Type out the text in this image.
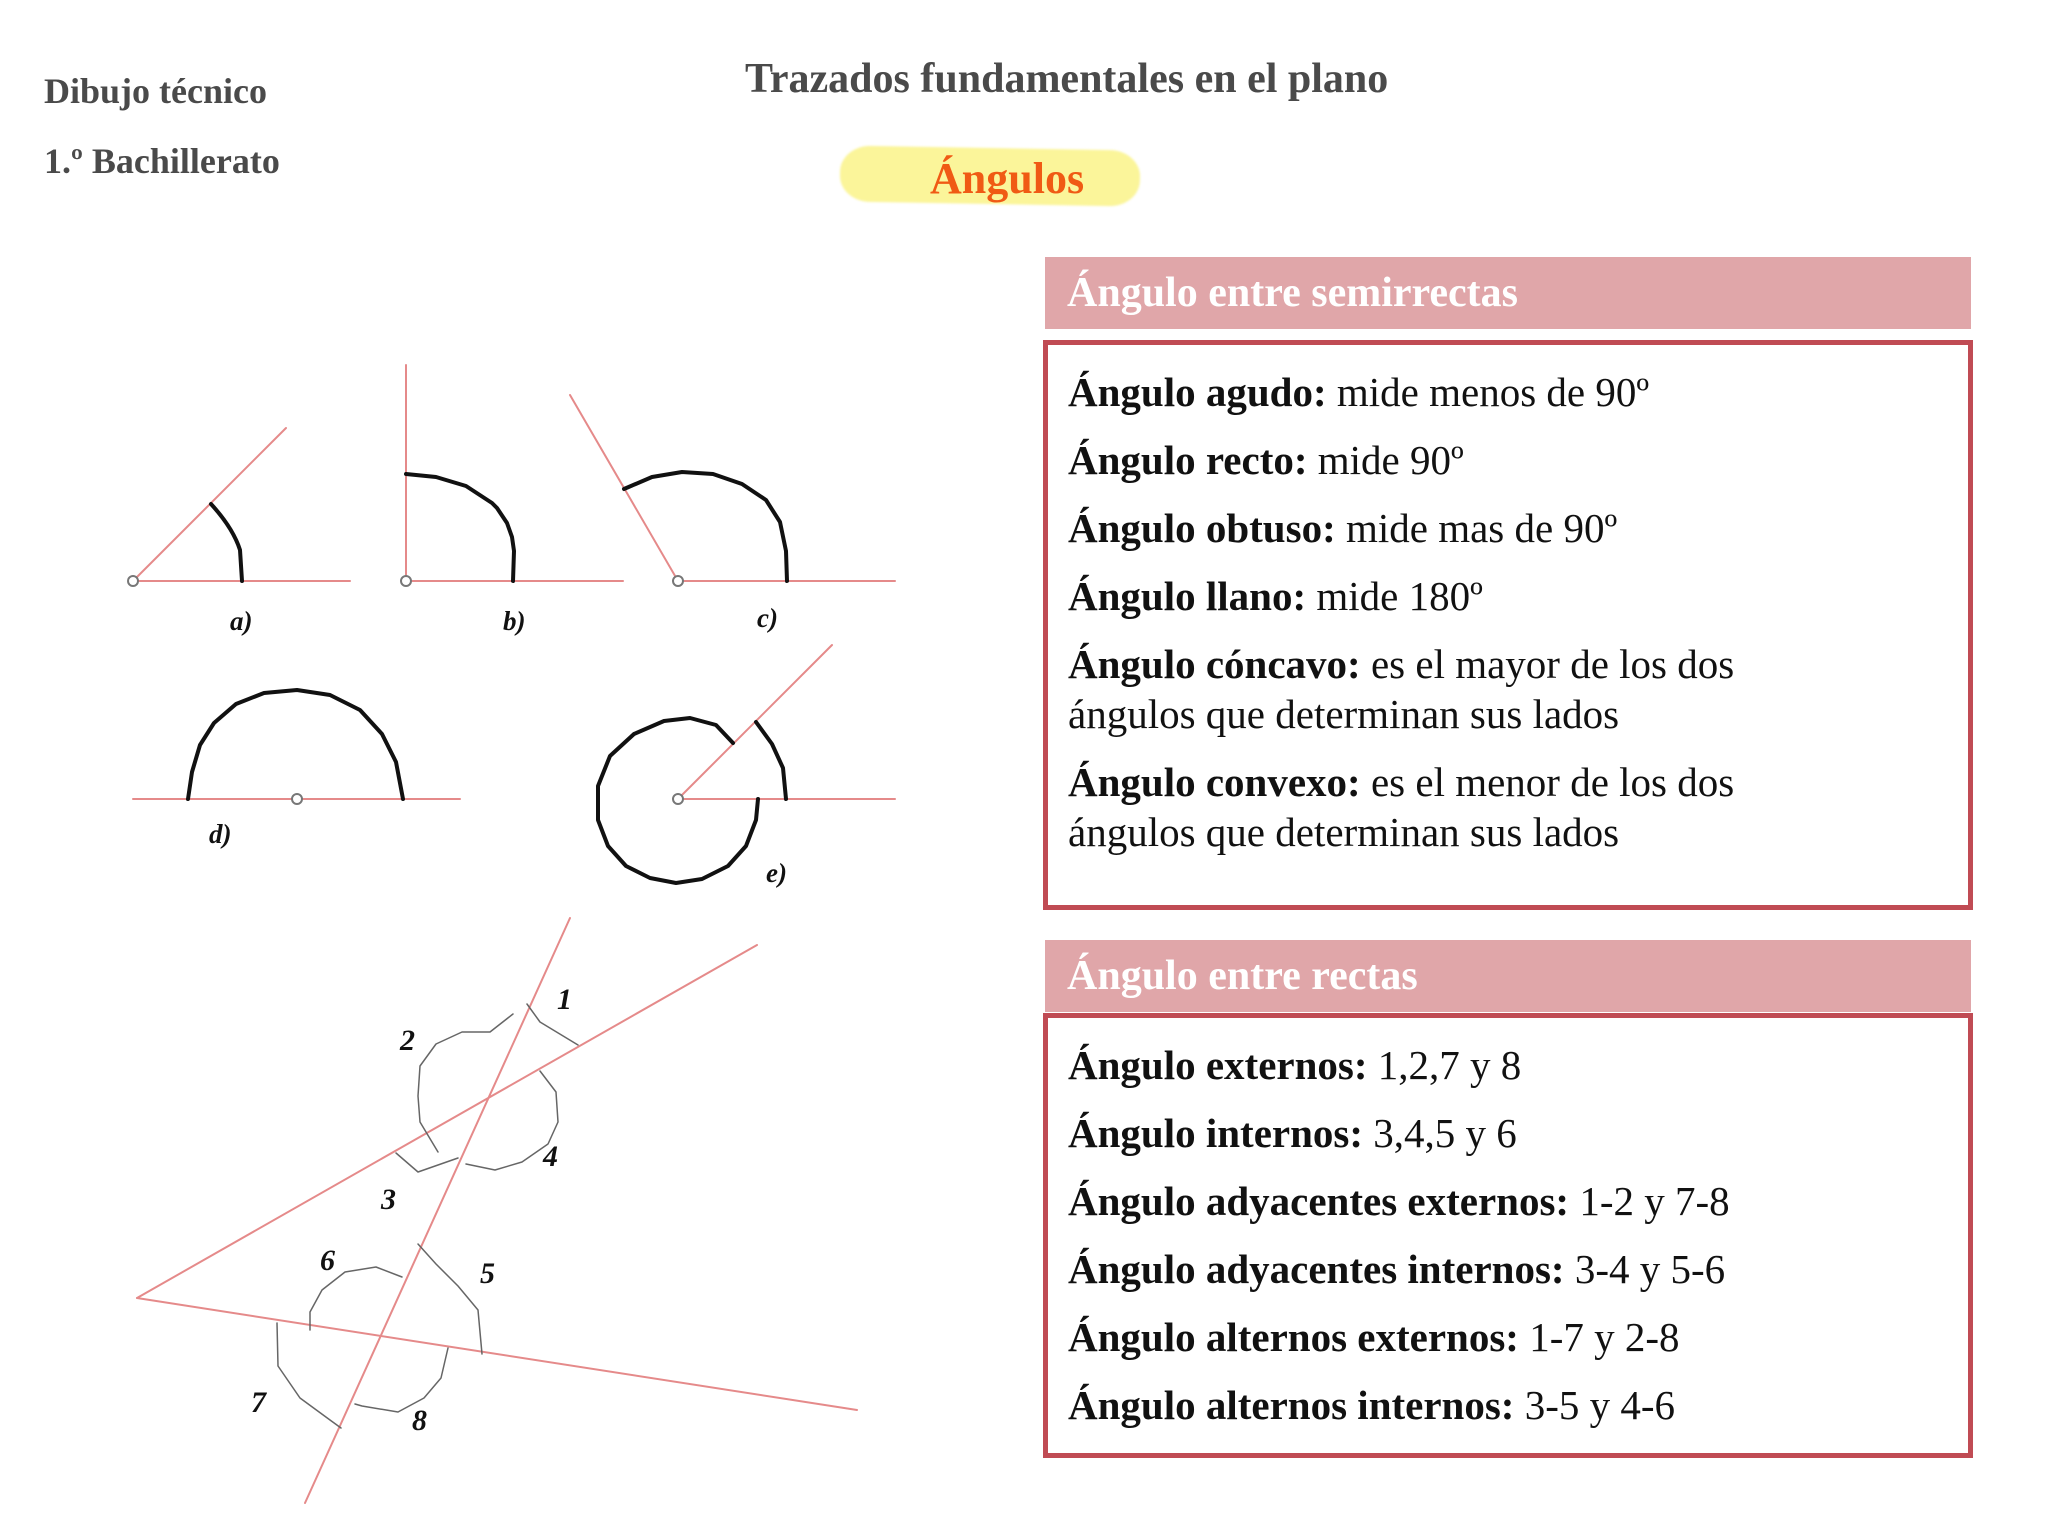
Dibujo técnico
1.º Bachillerato
Trazados fundamentales en el plano
Ángulos
a)	b)	c)
d)
e)
1
2
3
4
5
6
7
8
Ángulo entre semirrectas
Ángulo agudo: mide menos de 90º
Ángulo recto: mide 90º
Ángulo obtuso: mide mas de 90º
Ángulo llano: mide 180º
Ángulo cóncavo: es el mayor de los dos ángulos que determinan sus lados
Ángulo convexo: es el menor de los dos ángulos que determinan sus lados
Ángulo entre rectas
Ángulo externos: 1,2,7 y 8
Ángulo internos: 3,4,5 y 6
Ángulo adyacentes externos: 1-2 y 7-8
Ángulo adyacentes internos: 3-4 y 5-6
Ángulo alternos externos: 1-7 y 2-8
Ángulo alternos internos: 3-5 y 4-6
